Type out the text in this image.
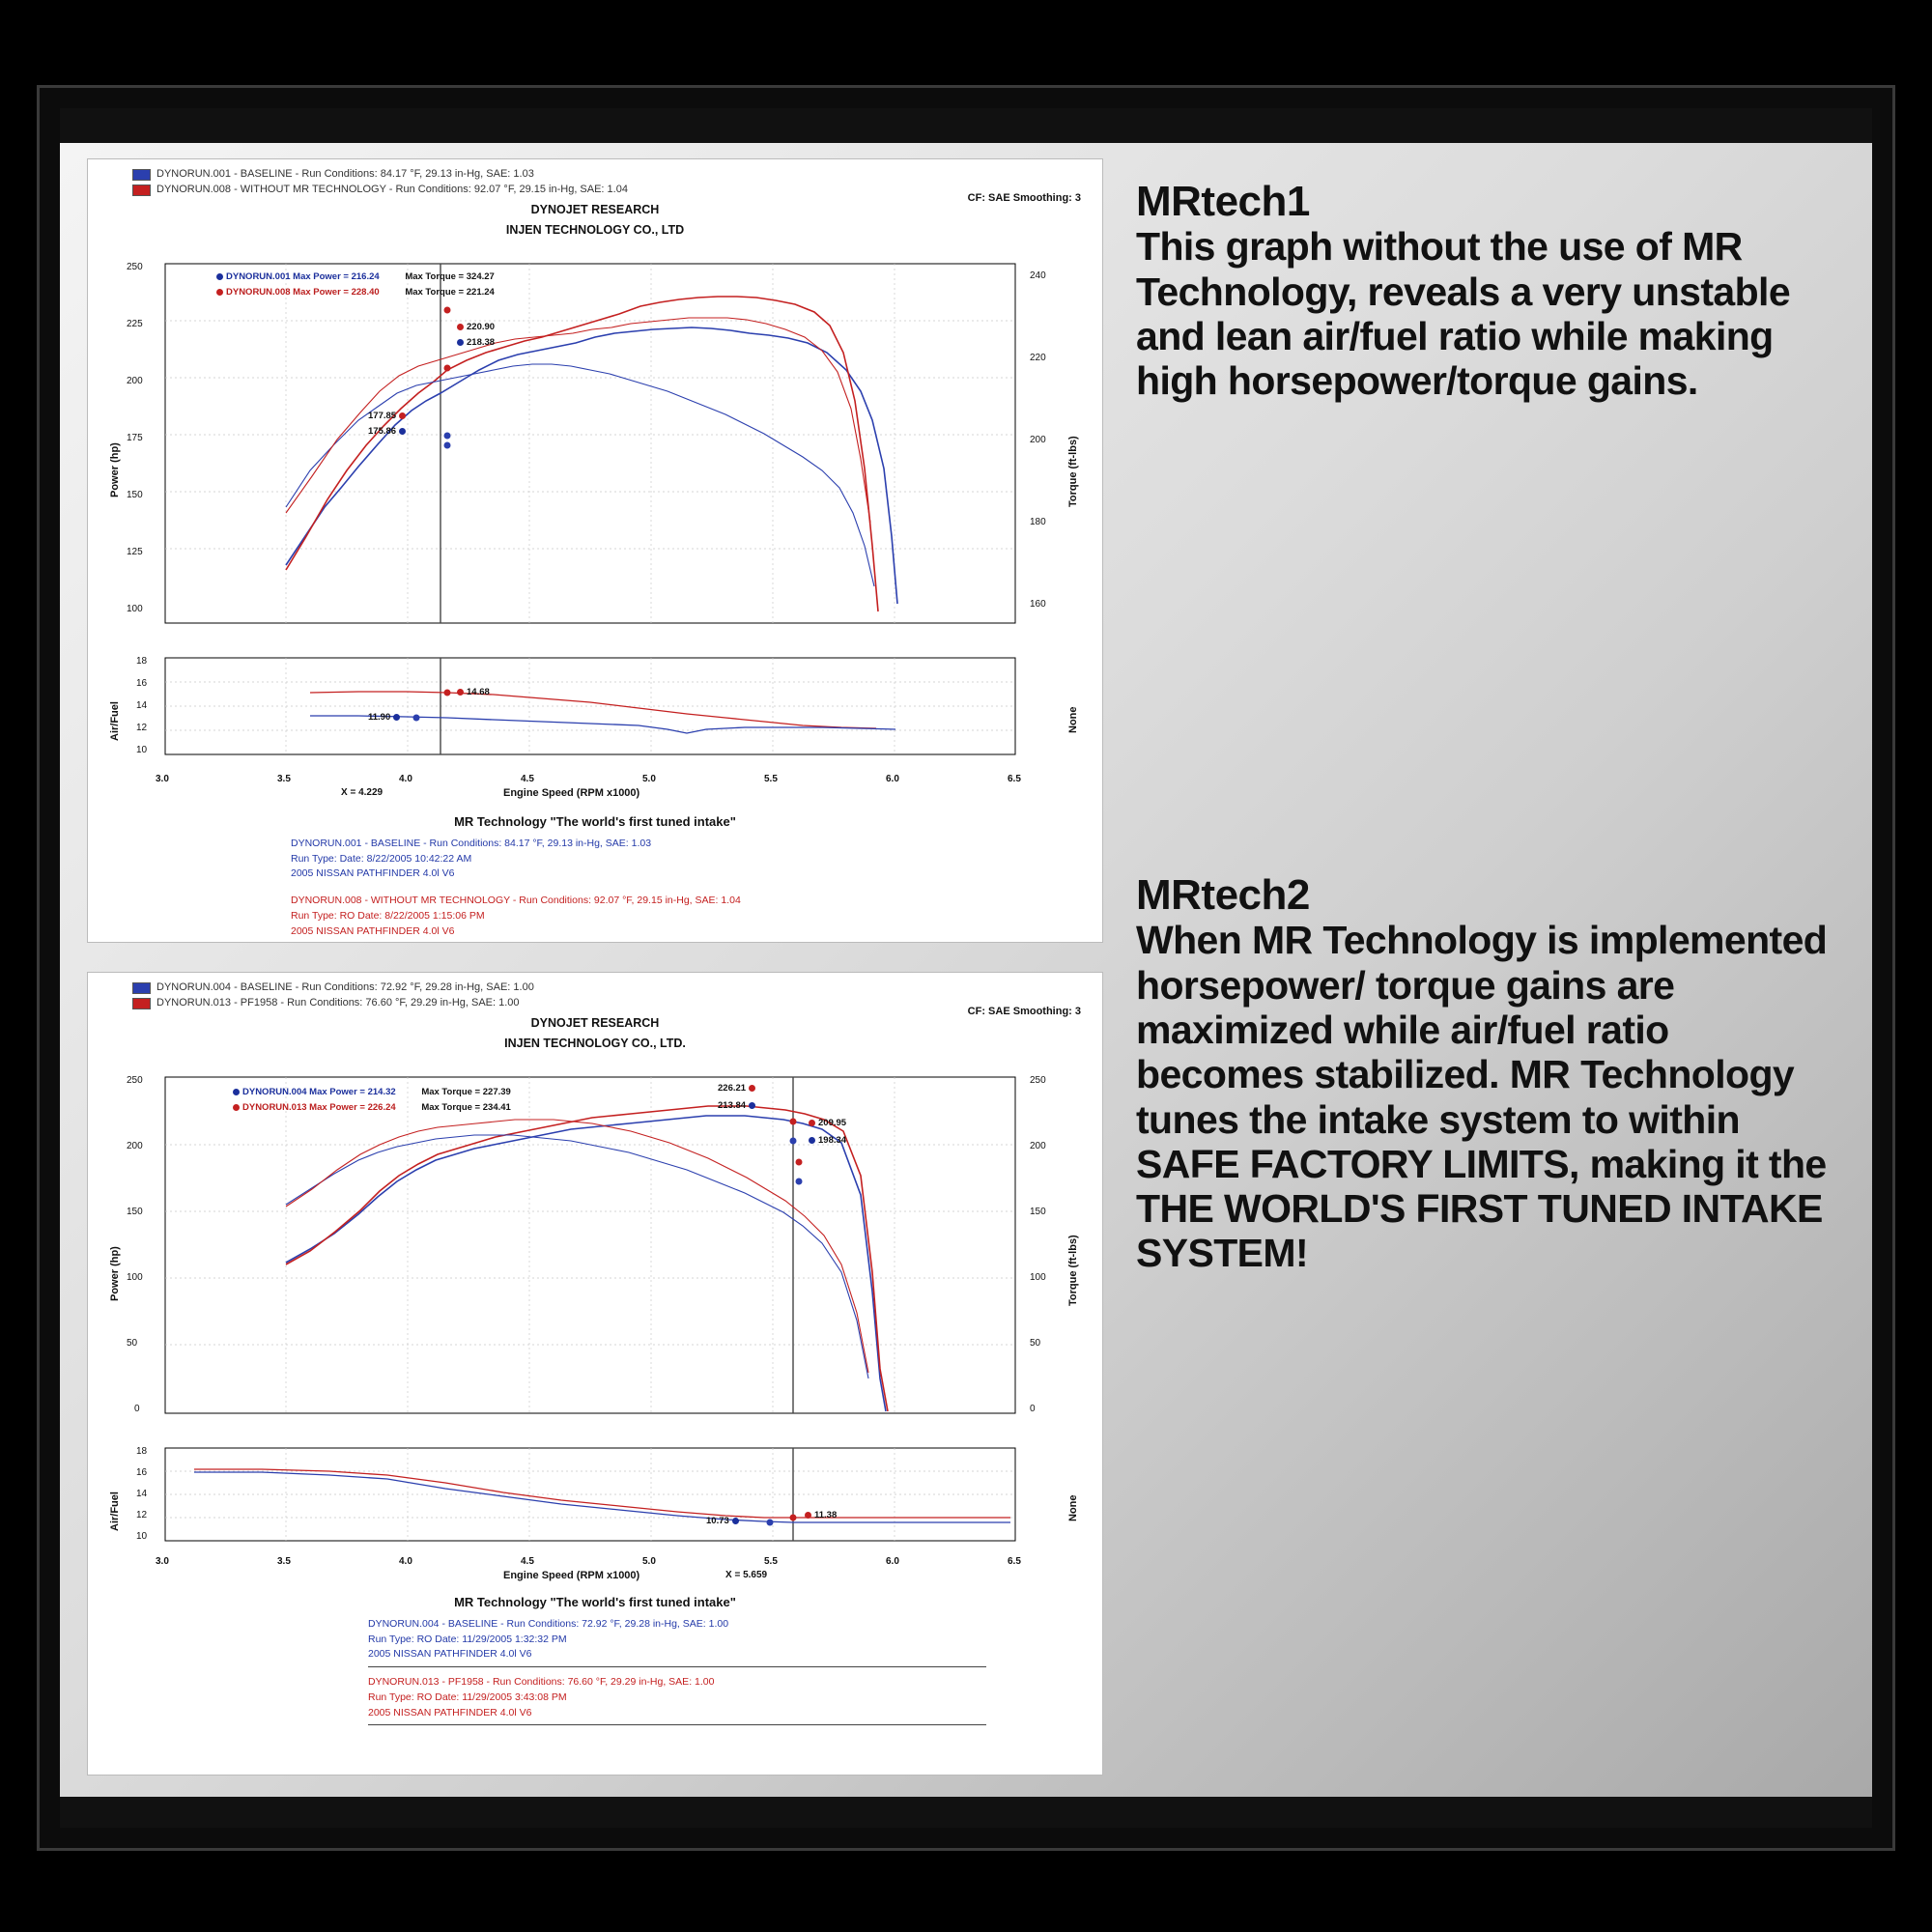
DYNORUN.001 - BASELINE - Run Conditions: 84.17 °F, 29.13 in-Hg, SAE: 1.03
DYNORUN.008 - WITHOUT MR TECHNOLOGY - Run Conditions: 92.07 °F, 29.15 in-Hg, SAE: 1.04
DYNOJET RESEARCH
INJEN TECHNOLOGY CO., LTD
CF: SAE Smoothing: 3
Power (hp)	Torque (ft-lbs)
250
225
200
175
150
125
100
240
220
200
180
160
DYNORUN.001 Max Power = 216.24	Max Torque = 324.27
DYNORUN.008 Max Power = 228.40	Max Torque = 221.24
220.90
218.38
177.85
175.86
Air/Fuel	None
18
16
14
12
10
14.68
11.90
3.0	3.5	4.0	4.5	5.0	5.5	6.0	6.5
X = 4.229	Engine Speed (RPM x1000)
MR Technology "The world's first tuned intake"
DYNORUN.001 - BASELINE - Run Conditions: 84.17 °F, 29.13 in-Hg, SAE: 1.03
Run Type: Date: 8/22/2005 10:42:22 AM
2005 NISSAN PATHFINDER 4.0l V6
DYNORUN.008 - WITHOUT MR TECHNOLOGY - Run Conditions: 92.07 °F, 29.15 in-Hg, SAE: 1.04
Run Type: RO Date: 8/22/2005 1:15:06 PM
2005 NISSAN PATHFINDER 4.0l V6
DYNORUN.004 - BASELINE - Run Conditions: 72.92 °F, 29.28 in-Hg, SAE: 1.00
DYNORUN.013 - PF1958 - Run Conditions: 76.60 °F, 29.29 in-Hg, SAE: 1.00
DYNOJET RESEARCH
INJEN TECHNOLOGY CO., LTD.
CF: SAE Smoothing: 3
Power (hp)	Torque (ft-lbs)
250
200
150
100
50
0
250
200
150
100
50
0
DYNORUN.004 Max Power = 214.32	Max Torque = 227.39
DYNORUN.013 Max Power = 226.24	Max Torque = 234.41
226.21
213.84
209.95
198.34
Air/Fuel	None
18
16
14
12
10
10.73
11.38
3.0	3.5	4.0	4.5	5.0	5.5	6.0	6.5
Engine Speed (RPM x1000)	X = 5.659
MR Technology "The world's first tuned intake"
DYNORUN.004 - BASELINE - Run Conditions: 72.92 °F, 29.28 in-Hg, SAE: 1.00
Run Type: RO Date: 11/29/2005 1:32:32 PM
2005 NISSAN PATHFINDER 4.0l V6
DYNORUN.013 - PF1958 - Run Conditions: 76.60 °F, 29.29 in-Hg, SAE: 1.00
Run Type: RO Date: 11/29/2005 3:43:08 PM
2005 NISSAN PATHFINDER 4.0l V6
MRtech1
This graph without the use of MR Technology, reveals a very unstable and lean air/fuel ratio while making high horsepower/torque gains.
MRtech2
When MR Technology is implemented horsepower/ torque gains are maximized while air/fuel ratio becomes stabilized. MR Technology tunes the intake system to within SAFE FACTORY LIMITS, making it the THE WORLD'S FIRST TUNED INTAKE SYSTEM!
